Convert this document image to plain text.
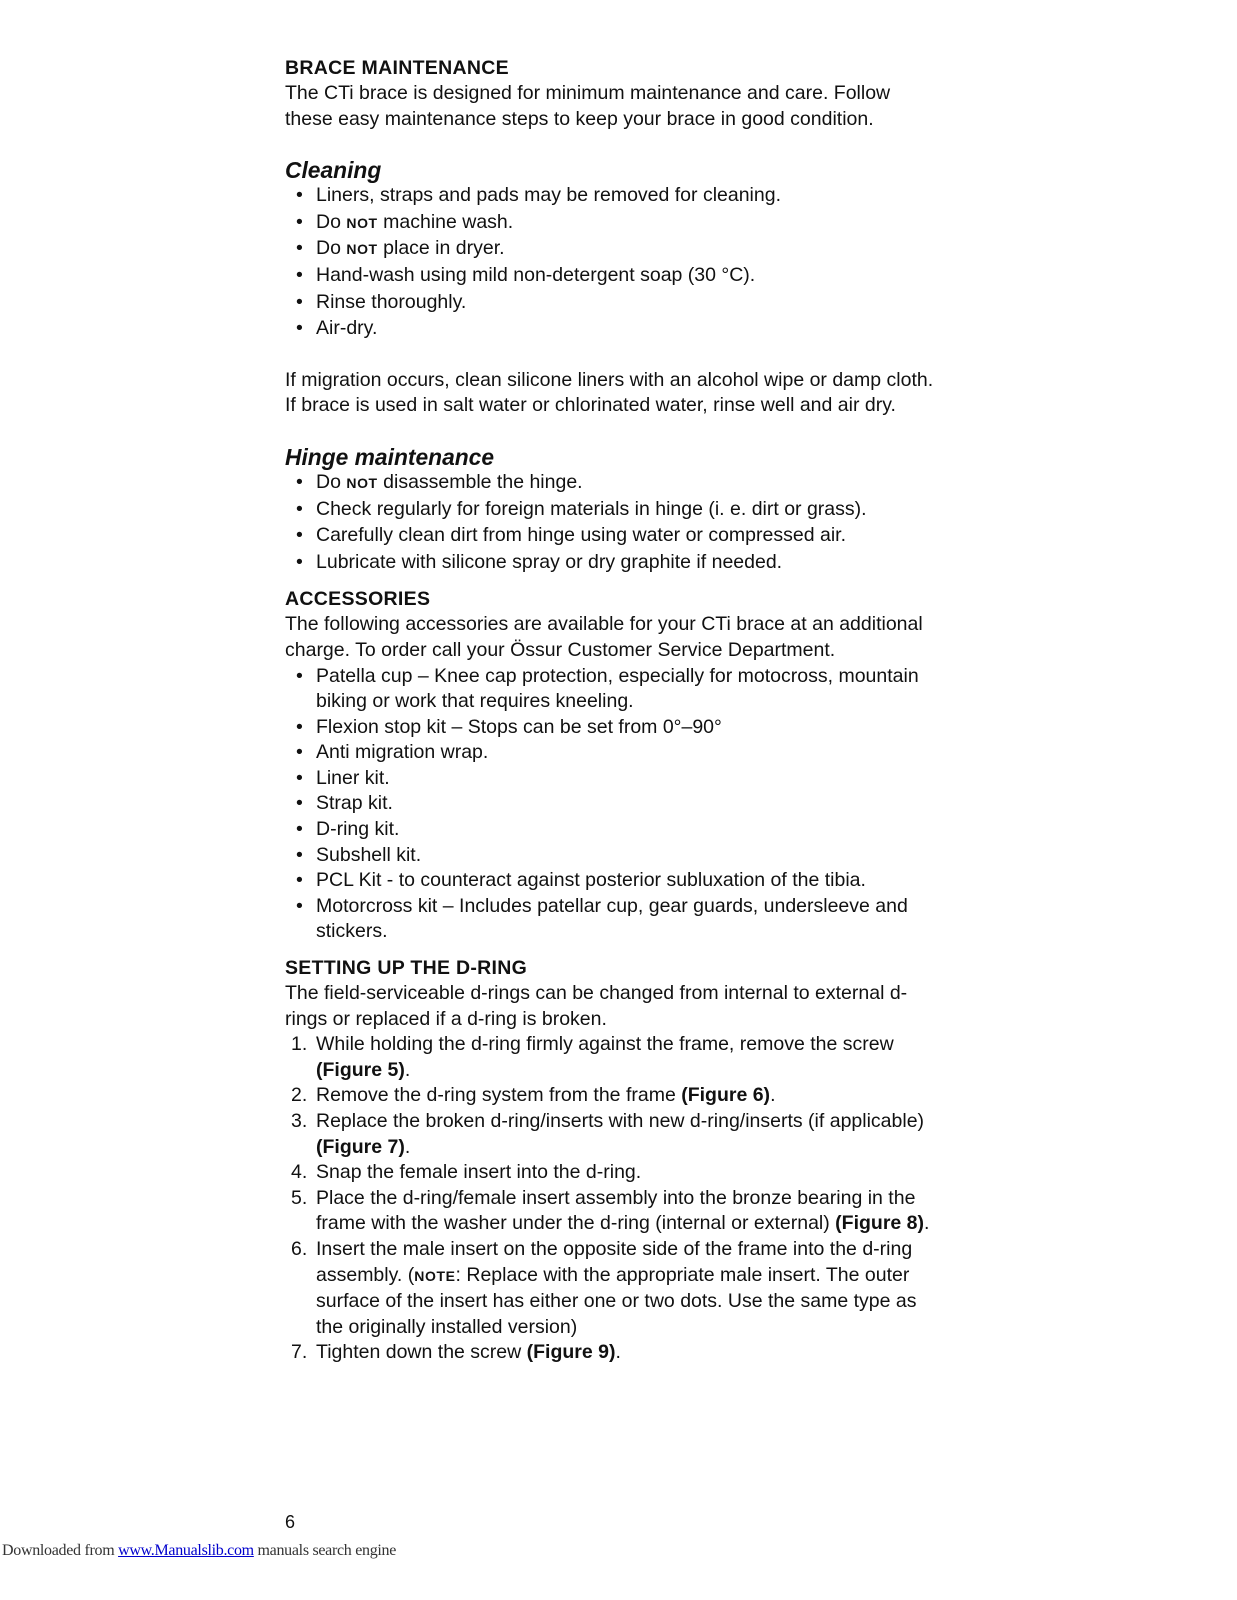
BRACE MAINTENANCE

The CTi brace is designed for minimum maintenance and care. Follow these easy maintenance steps to keep your brace in good condition.

Cleaning
• Liners, straps and pads may be removed for cleaning.
• Do NOT machine wash.
• Do NOT place in dryer.
• Hand-wash using mild non-detergent soap (30 °C).
• Rinse thoroughly.
• Air-dry.

If migration occurs, clean silicone liners with an alcohol wipe or damp cloth. If brace is used in salt water or chlorinated water, rinse well and air dry.

Hinge maintenance
• Do NOT disassemble the hinge.
• Check regularly for foreign materials in hinge (i. e. dirt or grass).
• Carefully clean dirt from hinge using water or compressed air.
• Lubricate with silicone spray or dry graphite if needed.
ACCESSORIES

The following accessories are available for your CTi brace at an additional charge. To order call your Össur Customer Service Department.

• Patella cup – Knee cap protection, especially for motocross, mountain biking or work that requires kneeling.
• Flexion stop kit – Stops can be set from 0°–90°
• Anti migration wrap.
• Liner kit.
• Strap kit.
• D-ring kit.
• Subshell kit.
• PCL Kit - to counteract against posterior subluxation of the tibia.
• Motorcross kit – Includes patellar cup, gear guards, undersleeve and stickers.
SETTING UP THE D-RING

The field-serviceable d-rings can be changed from internal to external d-rings or replaced if a d-ring is broken.

1. While holding the d-ring firmly against the frame, remove the screw (Figure 5).
2. Remove the d-ring system from the frame (Figure 6).
3. Replace the broken d-ring/inserts with new d-ring/inserts (if applicable)(Figure 7).
4. Snap the female insert into the d-ring.
5. Place the d-ring/female insert assembly into the bronze bearing in the frame with the washer under the d-ring (internal or external) (Figure 8).
6. Insert the male insert on the opposite side of the frame into the d-ring assembly. (NOTE: Replace with the appropriate male insert. The outer surface of the insert has either one or two dots. Use the same type as the originally installed version)
7. Tighten down the screw (Figure 9).
6
Downloaded from www.Manualslib.com manuals search engine
